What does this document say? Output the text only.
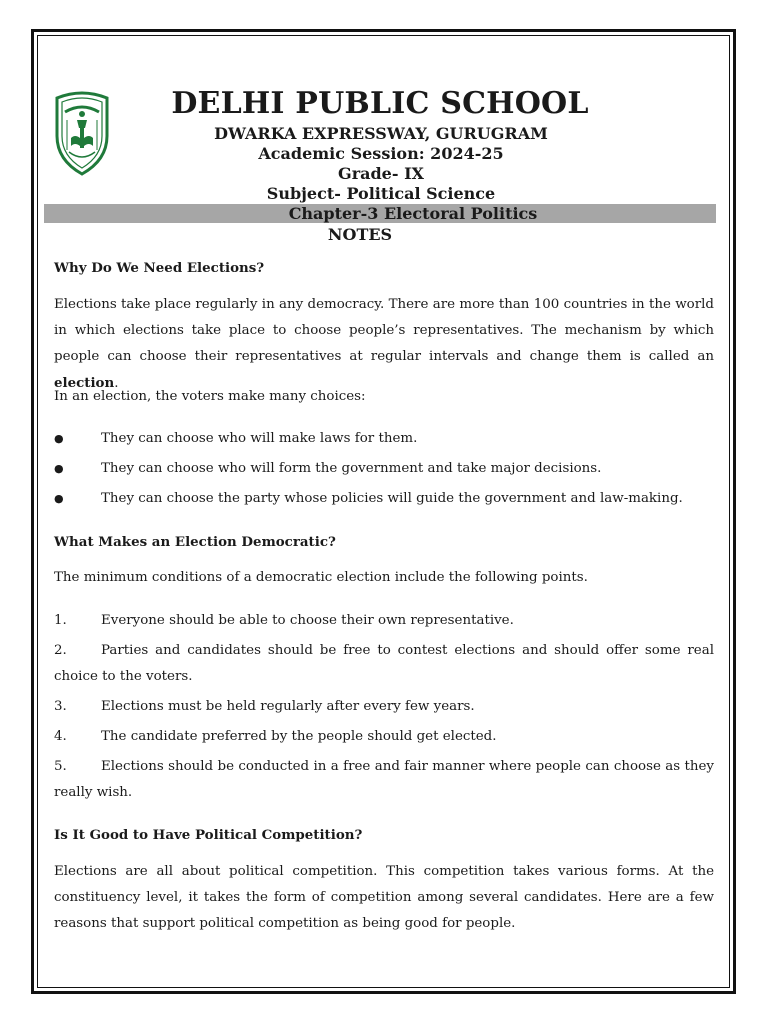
DELHI PUBLIC SCHOOL
DWARKA EXPRESSWAY, GURUGRAM
Academic Session: 2024-25
Grade- IX
Subject- Political Science
Chapter-3 Electoral Politics
NOTES
Why Do We Need Elections?
Elections take place regularly in any democracy. There are more than 100 countries in the world in which elections take place to choose people’s representatives. The mechanism by which people can choose their representatives at regular intervals and change them is called an election.
In an election, the voters make many choices:
●	They can choose who will make laws for them.
●	They can choose who will form the government and take major decisions.
●	They can choose the party whose policies will guide the government and law-making.
What Makes an Election Democratic?
The minimum conditions of a democratic election include the following points.
1.	Everyone should be able to choose their own representative.
2.	Parties and candidates should be free to contest elections and should offer some real choice to the voters.
3.	Elections must be held regularly after every few years.
4.	The candidate preferred by the people should get elected.
5.	Elections should be conducted in a free and fair manner where people can choose as they really wish.
Is It Good to Have Political Competition?
Elections are all about political competition. This competition takes various forms. At the constituency level, it takes the form of competition among several candidates. Here are a few reasons that support political competition as being good for people.
